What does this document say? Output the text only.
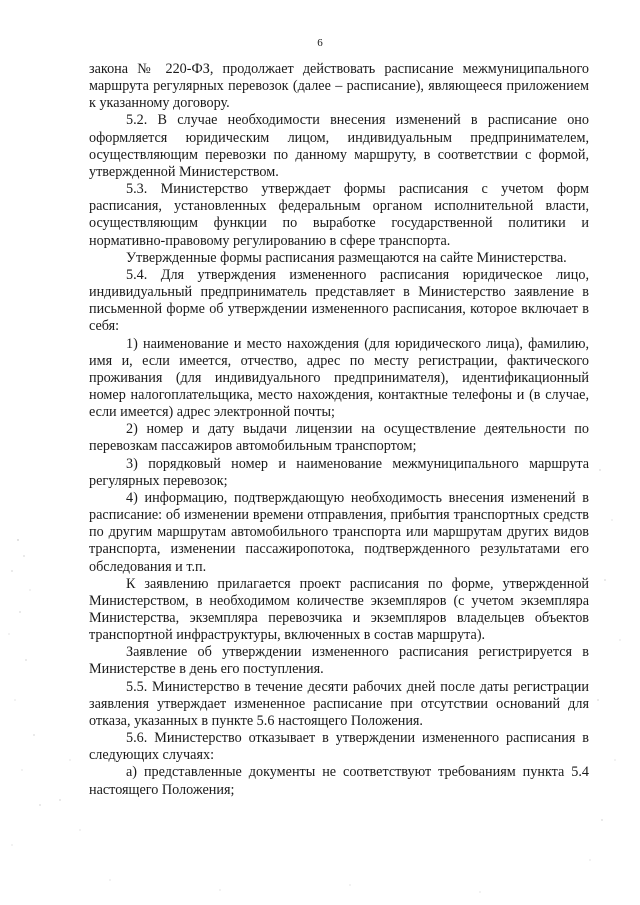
6

закона № 220-ФЗ, продолжает действовать расписание межмуниципального маршрута регулярных перевозок (далее – расписание), являющееся приложением к указанному договору.

5.2. В случае необходимости внесения изменений в расписание оно оформляется юридическим лицом, индивидуальным предпринимателем, осуществляющим перевозки по данному маршруту, в соответствии с формой, утвержденной Министерством.

5.3. Министерство утверждает формы расписания с учетом форм расписания, установленных федеральным органом исполнительной власти, осуществляющим функции по выработке государственной политики и нормативно-правовому регулированию в сфере транспорта.

Утвержденные формы расписания размещаются на сайте Министерства.

5.4. Для утверждения измененного расписания юридическое лицо, индивидуальный предприниматель представляет в Министерство заявление в письменной форме об утверждении измененного расписания, которое включает в себя:

1) наименование и место нахождения (для юридического лица), фамилию, имя и, если имеется, отчество, адрес по месту регистрации, фактического проживания (для индивидуального предпринимателя), идентификационный номер налогоплательщика, место нахождения, контактные телефоны и (в случае, если имеется) адрес электронной почты;

2) номер и дату выдачи лицензии на осуществление деятельности по перевозкам пассажиров автомобильным транспортом;

3) порядковый номер и наименование межмуниципального маршрута регулярных перевозок;

4) информацию, подтверждающую необходимость внесения изменений в расписание: об изменении времени отправления, прибытия транспортных средств по другим маршрутам автомобильного транспорта или маршрутам других видов транспорта, изменении пассажиропотока, подтвержденного результатами его обследования и т.п.

К заявлению прилагается проект расписания по форме, утвержденной Министерством, в необходимом количестве экземпляров (с учетом экземпляра Министерства, экземпляра перевозчика и экземпляров владельцев объектов транспортной инфраструктуры, включенных в состав маршрута).

Заявление об утверждении измененного расписания регистрируется в Министерстве в день его поступления.

5.5. Министерство в течение десяти рабочих дней после даты регистрации заявления утверждает измененное расписание при отсутствии оснований для отказа, указанных в пункте 5.6 настоящего Положения.

5.6. Министерство отказывает в утверждении измененного расписания в следующих случаях:

а) представленные документы не соответствуют требованиям пункта 5.4 настоящего Положения;
